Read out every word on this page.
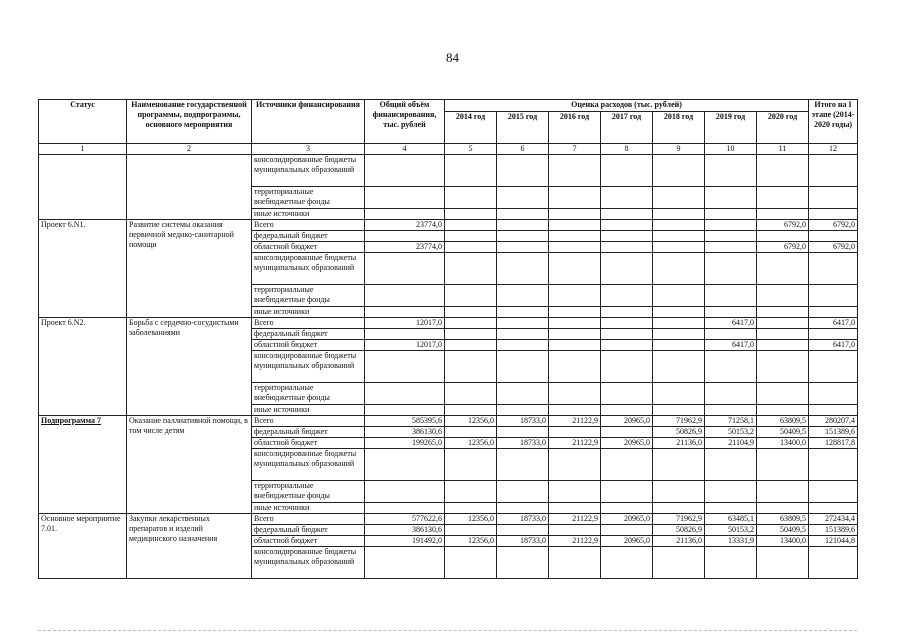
84
Статус	Наименование государственной программы, подпрограммы, основного мероприятия	Источники финансирования	Общий объём финансирования, тыс. рублей	Оценка расходов (тыс. рублей)							Итого на I этапе (2014-2020 годы)
				2014 год	2015 год	2016 год	2017 год	2018 год	2019 год	2020 год	
1	2	3	4	5	6	7	8	9	10	11	12
		консолидированные бюджеты муниципальных образований									
		территориальные внебюджетные фонды									
		иные источники									
Проект 6.N1.	Развитие системы оказания первичной медико-санитарной помощи	Всего	23774,0							6792,0	6792,0
		федеральный бюджет									
		областной бюджет	23774,0							6792,0	6792,0
		консолидированные бюджеты муниципальных образований									
		территориальные внебюджетные фонды									
		иные источники									
Проект 6.N2.	Борьба с сердечно-сосудистыми заболеваниями	Всего	12017,0						6417,0		6417,0
		федеральный бюджет									
		областной бюджет	12017,0						6417,0		6417,0
		консолидированные бюджеты муниципальных образований									
		территориальные внебюджетные фонды									
		иные источники									
Подпрограмма 7	Оказание паллиативной помощи, в том числе детям	Всего	585395,6	12356,0	18733,0	21122,9	20965,0	71962,9	71258,1	63809,5	280207,4
		федеральный бюджет	386130,6					50826,9	50153,2	50409,5	151389,6
		областной бюджет	199265,0	12356,0	18733,0	21122,9	20965,0	21136,0	21104,9	13400,0	128817,8
		консолидированные бюджеты муниципальных образований									
		территориальные внебюджетные фонды									
		иные источники									
Основное мероприятие 7.01.	Закупки лекарственных препаратов и изделий медицинского назначения	Всего	577622,6	12356,0	18733,0	21122,9	20965,0	71962,9	63485,1	63809,5	272434,4
		федеральный бюджет	386130,6					50826,9	50153,2	50409,5	151389,6
		областной бюджет	191492,0	12356,0	18733,0	21122,9	20965,0	21136,0	13331,9	13400,0	121044,8
		консолидированные бюджеты муниципальных образований									
